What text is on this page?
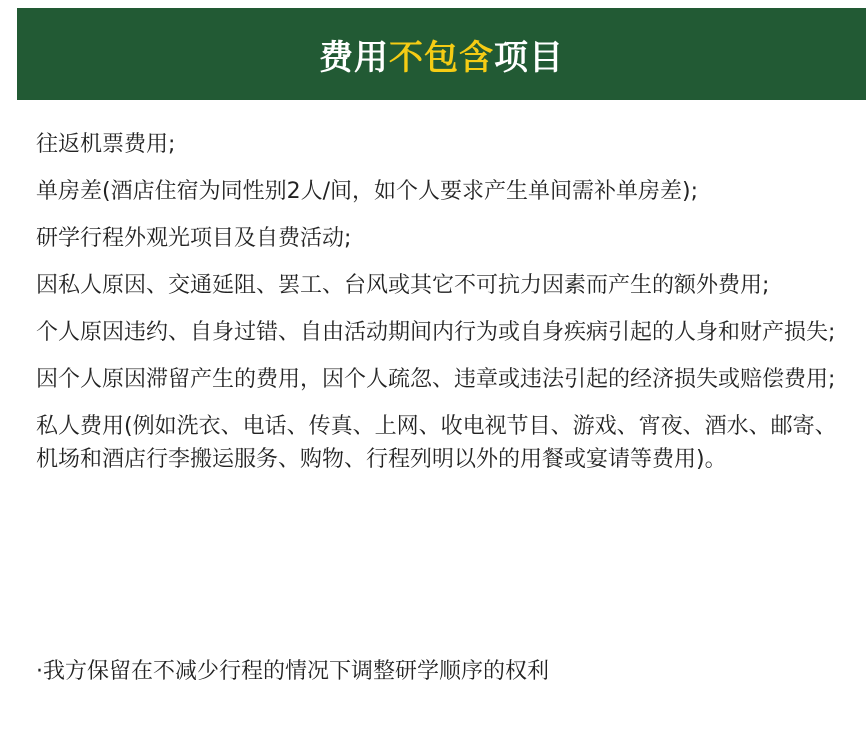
费用不包含项目

往返机票费用;

单房差(酒店住宿为同性别2人/间，如个人要求产生单间需补单房差);

研学行程外观光项目及自费活动;

因私人原因、交通延阻、罢工、台风或其它不可抗力因素而产生的额外费用;

个人原因违约、自身过错、自由活动期间内行为或自身疾病引起的人身和财产损失;

因个人原因滞留产生的费用，因个人疏忽、违章或违法引起的经济损失或赔偿费用;

私人费用(例如洗衣、电话、传真、上网、收电视节目、游戏、宵夜、酒水、邮寄、机场和酒店行李搬运服务、购物、行程列明以外的用餐或宴请等费用)。

·我方保留在不减少行程的情况下调整研学顺序的权利
